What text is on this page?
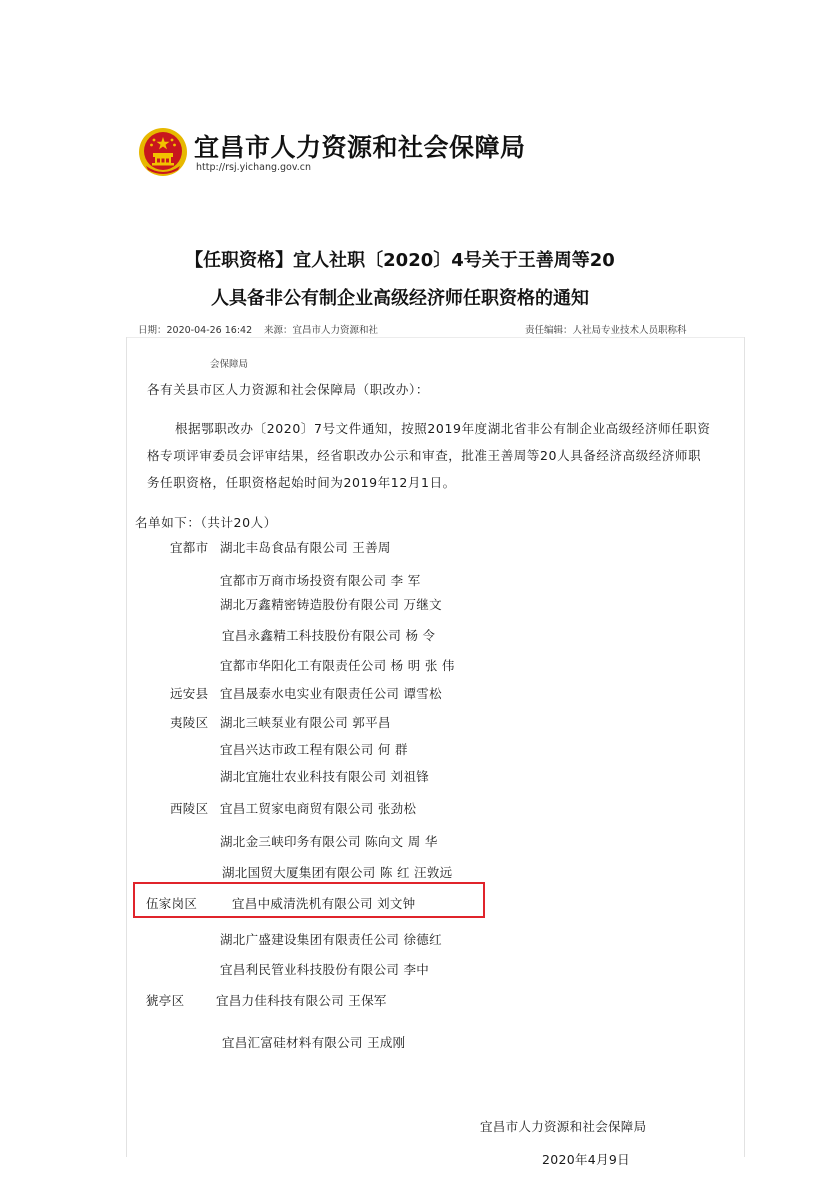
宜昌市人力资源和社会保障局
http://rsj.yichang.gov.cn
【任职资格】宜人社职〔2020〕4号关于王善周等20
人具备非公有制企业高级经济师任职资格的通知
日期：2020-04-26 16:42 来源：宜昌市人力资源和社	责任编辑：人社局专业技术人员职称科
会保障局
各有关县市区人力资源和社会保障局（职改办）：
根据鄂职改办〔2020〕7号文件通知，按照2019年度湖北省非公有制企业高级经济师任职资
格专项评审委员会评审结果，经省职改办公示和审查，批准王善周等20人具备经济高级经济师职
务任职资格，任职资格起始时间为2019年12月1日。
名单如下：（共计20人）
宜都市 湖北丰岛食品有限公司 王善周
宜都市万商市场投资有限公司 李 军
湖北万鑫精密铸造股份有限公司 万继文
宜昌永鑫精工科技股份有限公司 杨 令
宜都市华阳化工有限责任公司 杨 明 张 伟
远安县 宜昌晟泰水电实业有限责任公司 谭雪松
夷陵区 湖北三峡泵业有限公司 郭平昌
宜昌兴达市政工程有限公司 何 群
湖北宜施壮农业科技有限公司 刘祖锋
西陵区 宜昌工贸家电商贸有限公司 张劲松
湖北金三峡印务有限公司 陈向文 周 华
湖北国贸大厦集团有限公司 陈 红 汪敦远
伍家岗区	宜昌中威清洗机有限公司 刘文钟
湖北广盛建设集团有限责任公司 徐德红
宜昌利民管业科技股份有限公司 李中
猇亭区	宜昌力佳科技有限公司 王保军
宜昌汇富硅材料有限公司 王成刚
宜昌市人力资源和社会保障局
2020年4月9日
